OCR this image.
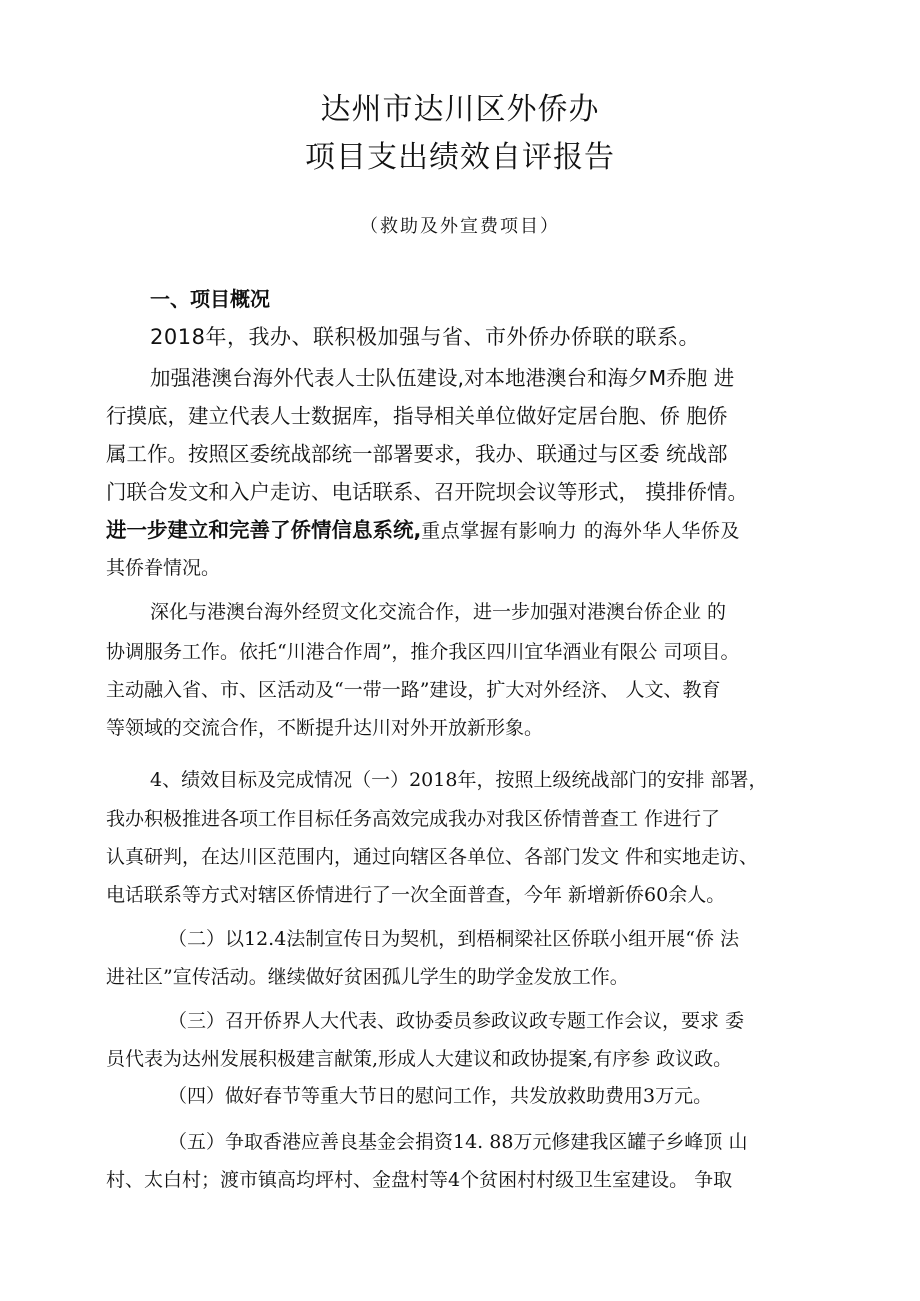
达州市达川区外侨办
项目支出绩效自评报告
（救助及外宣费项目）
一、项目概况
2018年，我办、联积极加强与省、市外侨办侨联的联系。
加强港澳台海外代表人士队伍建设,对本地港澳台和海夕M乔胞 进
行摸底，建立代表人士数据库，指导相关单位做好定居台胞、侨 胞侨
属工作。按照区委统战部统一部署要求，我办、联通过与区委 统战部
门联合发文和入户走访、电话联系、召开院坝会议等形式， 摸排侨情。
进一步建立和完善了侨情信息系统,重点掌握有影响力 的海外华人华侨及
其侨眷情况。
深化与港澳台海外经贸文化交流合作，进一步加强对港澳台侨企业 的
协调服务工作。依托“川港合作周”，推介我区四川宜华酒业有限公 司项目。
主动融入省、市、区活动及“一带一路”建设，扩大对外经济、 人文、教育
等领域的交流合作，不断提升达川对外开放新形象。
4、绩效目标及完成情况（一）2018年，按照上级统战部门的安排 部署，
我办积极推进各项工作目标任务高效完成我办对我区侨情普查工 作进行了
认真研判，在达川区范围内，通过向辖区各单位、各部门发文 件和实地走访、
电话联系等方式对辖区侨情进行了一次全面普查，今年 新增新侨60余人。
（二）以12.4法制宣传日为契机，到梧桐梁社区侨联小组开展“侨 法
进社区”宣传活动。继续做好贫困孤儿学生的助学金发放工作。
（三）召开侨界人大代表、政协委员参政议政专题工作会议，要求 委
员代表为达州发展积极建言献策,形成人大建议和政协提案,有序参 政议政。
（四）做好春节等重大节日的慰问工作，共发放救助费用3万元。
（五）争取香港应善良基金会捐资14. 88万元修建我区罐子乡峰顶 山
村、太白村；渡市镇高均坪村、金盘村等4个贫困村村级卫生室建设。 争取
